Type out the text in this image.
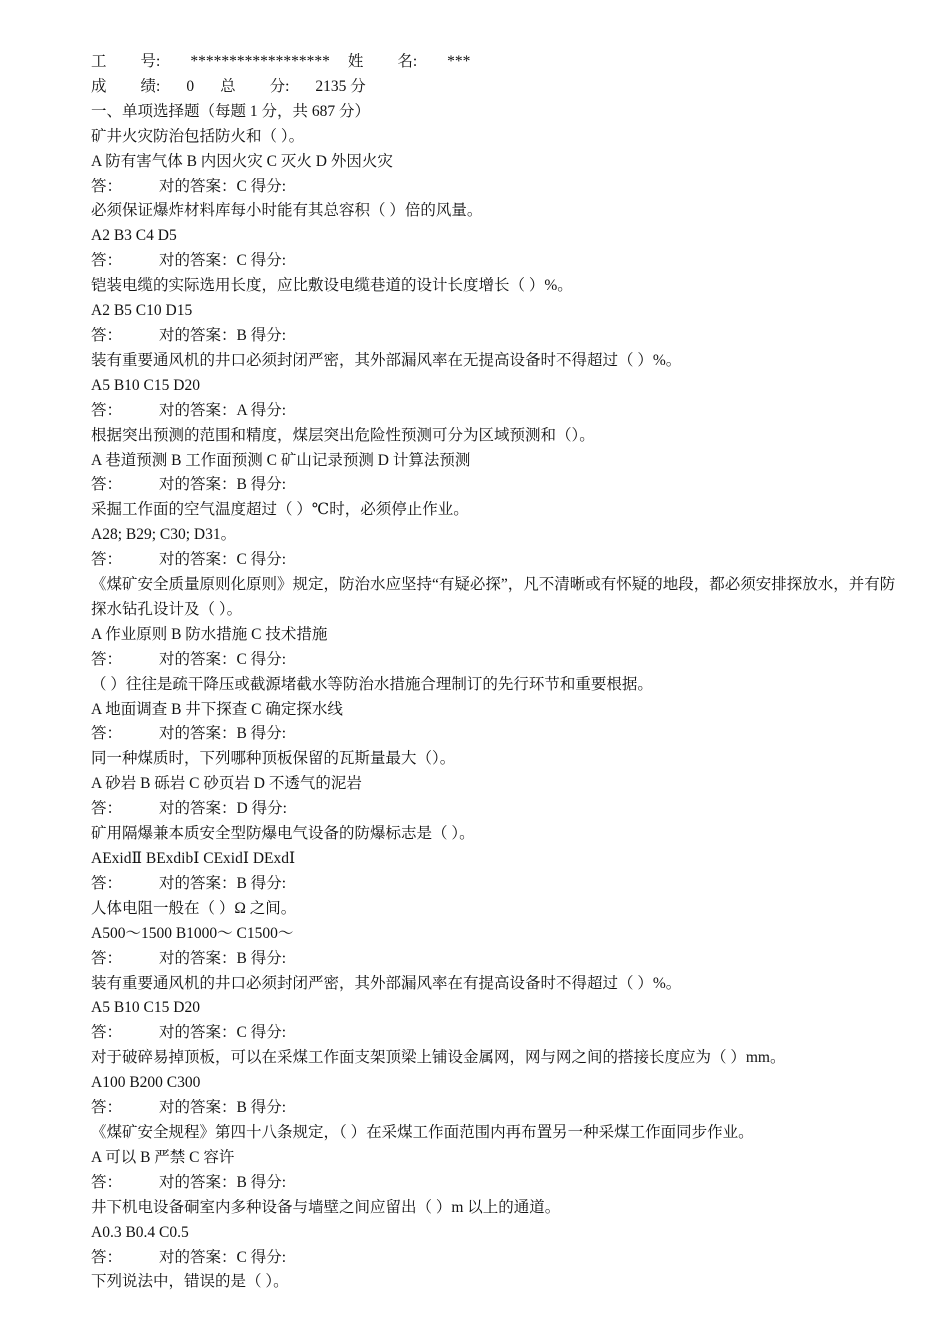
工 号: ****************** 姓 名: ***
成 绩: 0 总 分: 2135 分
一、单项选择题（每题 1 分，共 687 分）
矿井火灾防治包括防火和（ ）。
A 防有害气体 B 内因火灾 C 灭火 D 外因火灾
答： 对的答案：C 得分:
必须保证爆炸材料库每小时能有其总容积（ ）倍的风量。
A2 B3 C4 D5
答： 对的答案：C 得分:
铠装电缆的实际选用长度，应比敷设电缆巷道的设计长度增长（ ）%。
A2 B5 C10 D15
答： 对的答案：B 得分:
装有重要通风机的井口必须封闭严密，其外部漏风率在无提高设备时不得超过（ ）%。
A5 B10 C15 D20
答： 对的答案：A 得分:
根据突出预测的范围和精度，煤层突出危险性预测可分为区域预测和（）。
A 巷道预测 B 工作面预测 C 矿山记录预测 D 计算法预测
答： 对的答案：B 得分:
采掘工作面的空气温度超过（ ）℃时，必须停止作业。
A28; B29; C30; D31。
答： 对的答案：C 得分:
《煤矿安全质量原则化原则》规定，防治水应坚持“有疑必探”，凡不清晰或有怀疑的地段，都必须安排探放水，并有防探水钻孔设计及（ ）。
A 作业原则 B 防水措施 C 技术措施
答： 对的答案：C 得分:
（ ）往往是疏干降压或截源堵截水等防治水措施合理制订的先行环节和重要根据。
A 地面调查 B 井下探查 C 确定探水线
答： 对的答案：B 得分:
同一种煤质时，下列哪种顶板保留的瓦斯量最大（）。
A 砂岩 B 砾岩 C 砂页岩 D 不透气的泥岩
答： 对的答案：D 得分:
矿用隔爆兼本质安全型防爆电气设备的防爆标志是（ ）。
AExidⅡ BExdibⅠ CExidⅠ DExdⅠ
答： 对的答案：B 得分:
人体电阻一般在（ ）Ω 之间。
A500～1500 B1000～ C1500～
答： 对的答案：B 得分:
装有重要通风机的井口必须封闭严密，其外部漏风率在有提高设备时不得超过（ ）%。
A5 B10 C15 D20
答： 对的答案：C 得分:
对于破碎易掉顶板，可以在采煤工作面支架顶梁上铺设金属网，网与网之间的搭接长度应为（ ）mm。
A100 B200 C300
答： 对的答案：B 得分:
《煤矿安全规程》第四十八条规定，（ ）在采煤工作面范围内再布置另一种采煤工作面同步作业。
A 可以 B 严禁 C 容许
答： 对的答案：B 得分:
井下机电设备硐室内多种设备与墙壁之间应留出（ ）m 以上的通道。
A0.3 B0.4 C0.5
答： 对的答案：C 得分:
下列说法中，错误的是（ ）。
